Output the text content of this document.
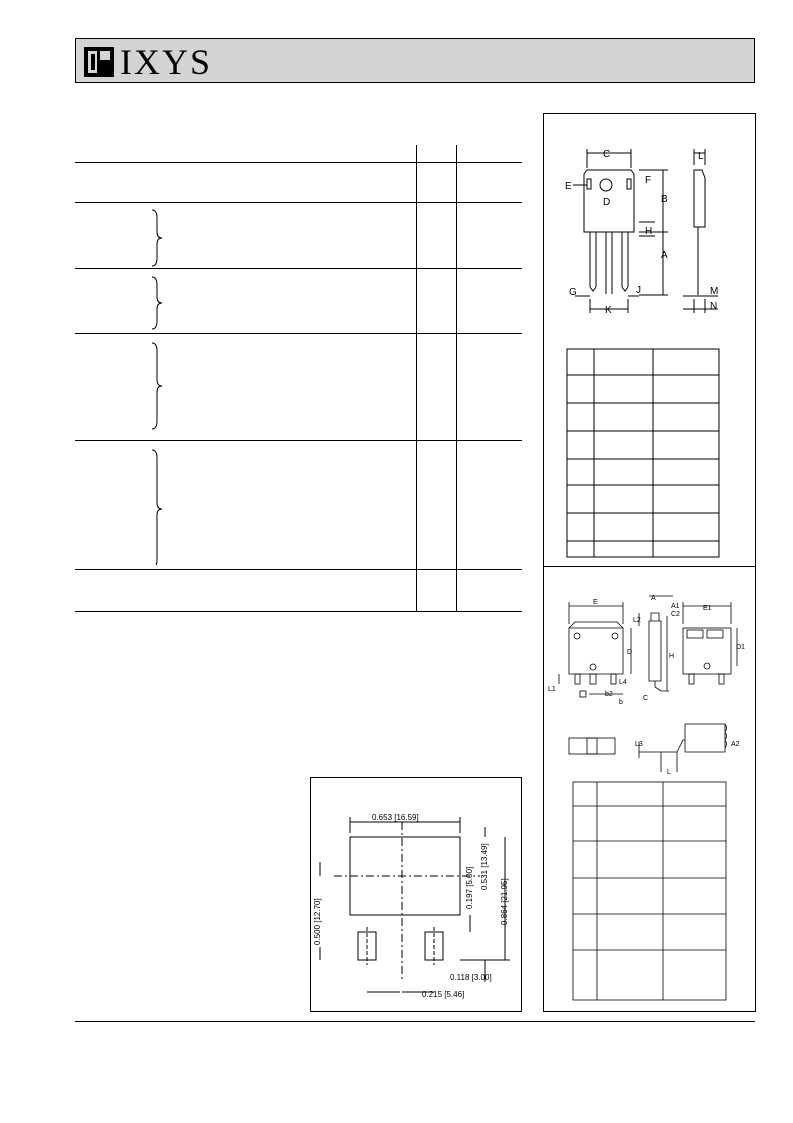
IXYS
C	L
E
F
D	B
H
A
G	J
K
M
N
E
A
A1
C2
E1
L2
D
H
D1
L1
L4
b2
b
C
L3	A2
L
0.653 [16.59]
0.500 [12.70]
0.197 [5.00] 0.531 [13.49]
0.864 [21.95]
0.118 [3.00]
0.215 [5.46]
